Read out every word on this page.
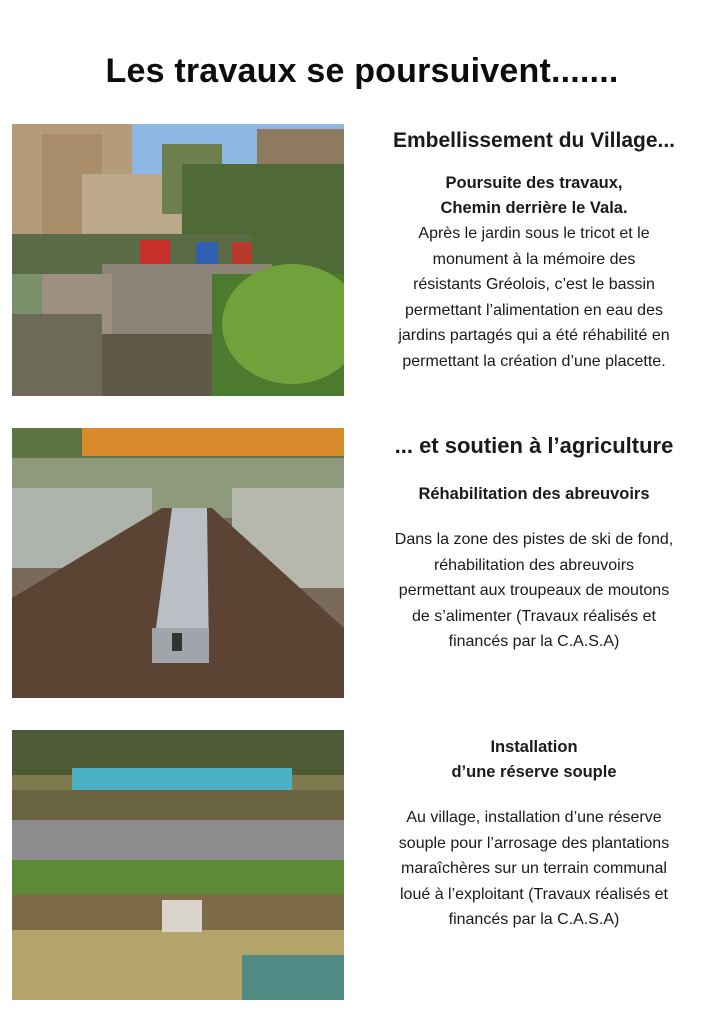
Les travaux se poursuivent.......
Embellissement du Village...
Poursuite des travaux,
Chemin derrière le Vala.
Après le jardin sous le tricot et le
monument à la mémoire des
résistants Gréolois, c’est le bassin
permettant l’alimentation en eau des
jardins partagés qui a été réhabilité en
permettant la création d’une placette.
... et soutien à l’agriculture
Réhabilitation des abreuvoirs
Dans la zone des pistes de ski de fond,
réhabilitation des abreuvoirs
permettant aux troupeaux de moutons
de s’alimenter (Travaux réalisés et
financés par la C.A.S.A)
Installation
d’une réserve souple
Au village, installation d’une réserve
souple pour l’arrosage des plantations
maraîchères sur un terrain communal
loué à l’exploitant (Travaux réalisés et
financés par la C.A.S.A)
